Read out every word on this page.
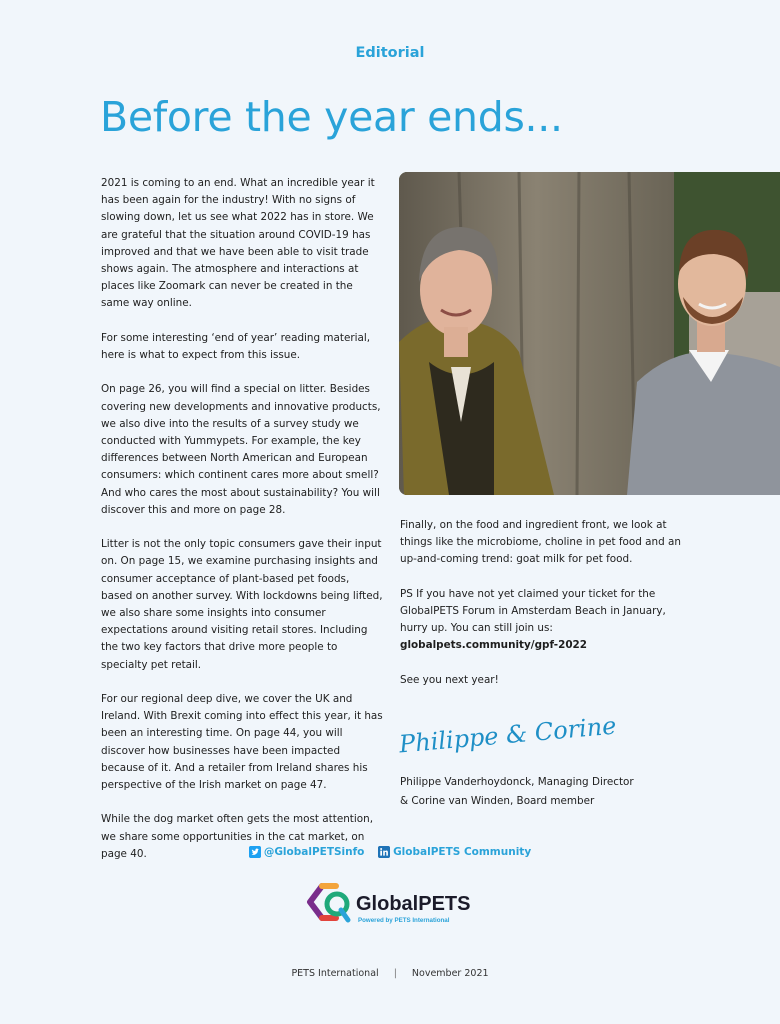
Editorial
Before the year ends...

2021 is coming to an end. What an incredible year it has been again for the industry! With no signs of slowing down, let us see what 2022 has in store. We are grateful that the situation around COVID-19 has improved and that we have been able to visit trade shows again. The atmosphere and interactions at places like Zoomark can never be created in the same way online.

For some interesting ‘end of year’ reading material, here is what to expect from this issue.

On page 26, you will find a special on litter. Besides covering new developments and innovative products, we also dive into the results of a survey study we conducted with Yummypets. For example, the key differences between North American and European consumers: which continent cares more about smell? And who cares the most about sustainability? You will discover this and more on page 28.

Litter is not the only topic consumers gave their input on. On page 15, we examine purchasing insights and consumer acceptance of plant-based pet foods, based on another survey. With lockdowns being lifted, we also share some insights into consumer expectations around visiting retail stores. Including the two key factors that drive more people to specialty pet retail.

For our regional deep dive, we cover the UK and Ireland. With Brexit coming into effect this year, it has been an interesting time. On page 44, you will discover how businesses have been impacted because of it. And a retailer from Ireland shares his perspective of the Irish market on page 47.

While the dog market often gets the most attention, we share some opportunities in the cat market, on page 40.

Finally, on the food and ingredient front, we look at things like the microbiome, choline in pet food and an up-and-coming trend: goat milk for pet food.

PS If you have not yet claimed your ticket for the GlobalPETS Forum in Amsterdam Beach in January, hurry up. You can still join us:
globalpets.community/gpf-2022

See you next year!

Philippe & Corine
Philippe Vanderhoydonck, Managing Director
& Corine van Winden, Board member
@GlobalPETSinfo
	GlobalPETS Community
GlobalPETS
Powered by PETS International
PETS International | November 2021
